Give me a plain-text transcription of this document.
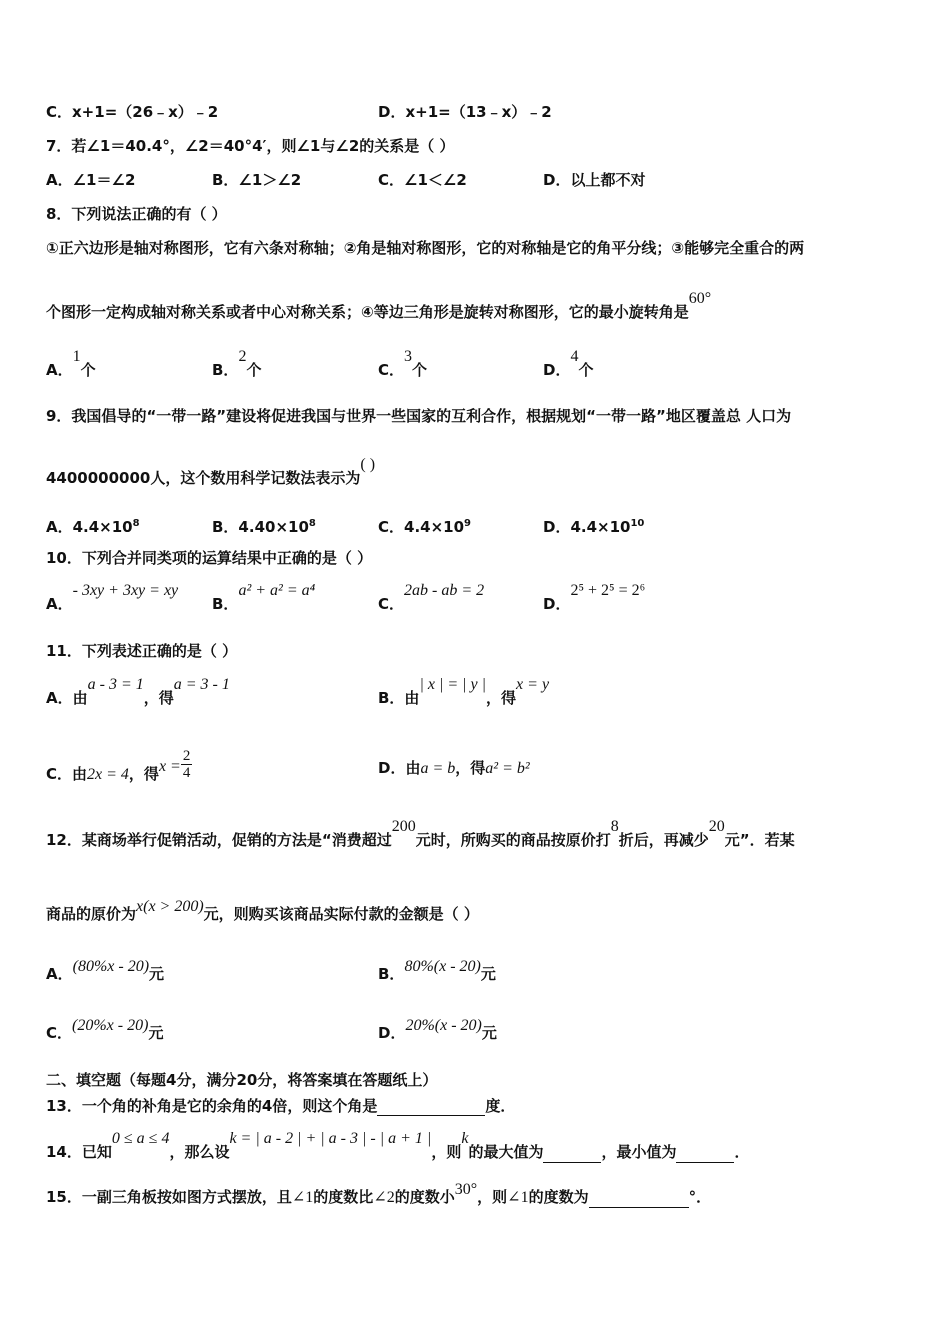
C．x+1=（26﹣x）﹣2	D．x+1=（13﹣x）﹣2
7．若∠1＝40.4°，∠2＝40°4′，则∠1与∠2的关系是（ ）
A．∠1＝∠2	B．∠1＞∠2	C．∠1＜∠2	D．以上都不对
8．下列说法正确的有（ ）
①正六边形是轴对称图形，它有六条对称轴；②角是轴对称图形，它的对称轴是它的角平分线；③能够完全重合的两
个图形一定构成轴对称关系或者中心对称关系；④等边三角形是旋转对称图形，它的最小旋转角是60°
A．1个	B．2个	C．3个	D．4个
9．我国倡导的“一带一路”建设将促进我国与世界一些国家的互利合作，根据规划“一带一路”地区覆盖总 人口为
4400000000人，这个数用科学记数法表示为( )
A．$4.4\times 10^8$	B．$4.40\times 10^8$	C．$4.4\times 10^9$	D．$4.4\times 10^{10}$
10．下列合并同类项的运算结果中正确的是（ ）
A．- 3xy + 3xy = xy
B．a² + a² = a⁴
C．2ab - ab = 2
D．2⁵ + 2⁵ = 2⁶
11．下列表述正确的是（ ）
A．由a - 3 = 1，得a = 3 - 1
B．由| x | = | y |，得x = y
C．由2x = 4，得$x = \frac{2}{4}$	D．由a = b，得a² = b²
12．某商场举行促销活动，促销的方法是“消费超过200元时，所购买的商品按原价打8折后，再减少20元”．若某
商品的原价为x(x > 200)元，则购买该商品实际付款的金额是（ ）
A．(80%x - 20)元	B．80%(x - 20)元
C．(20%x - 20)元	D．20%(x - 20)元
二、填空题（每题4分，满分20分，将答案填在答题纸上）
13．一个角的补角是它的余角的4倍，则这个角是	度．
14．已知0 ≤ a ≤ 4，那么设k = | a - 2 | + | a - 3 | - | a + 1 |，则k的最大值为	，最小值为	．
15．一副三角板按如图方式摆放，且∠1的度数比∠2的度数小30°，则∠1的度数为	°．
